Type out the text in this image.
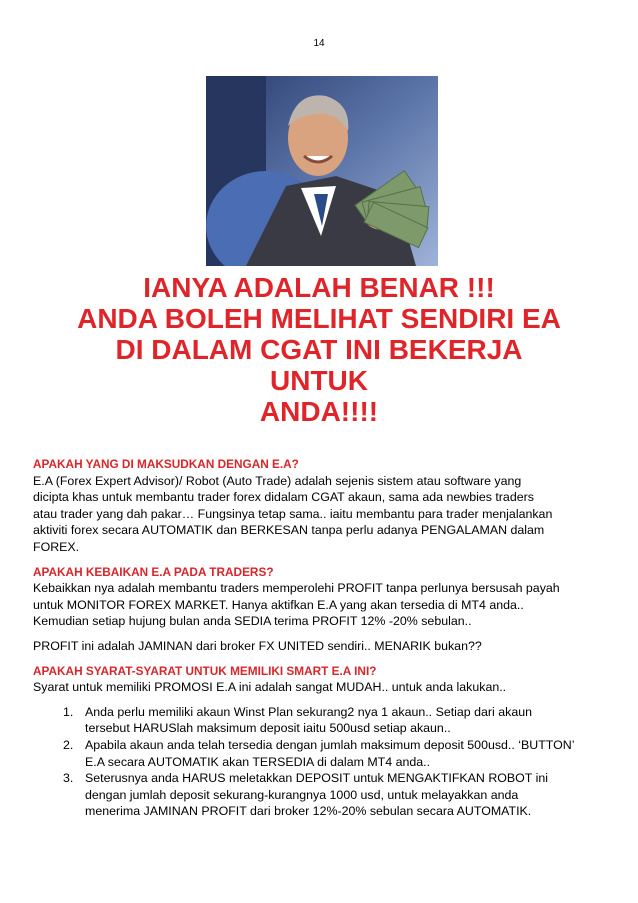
14
IANYA ADALAH BENAR !!!
ANDA BOLEH MELIHAT SENDIRI EA
DI DALAM CGAT INI BEKERJA
UNTUK
ANDA!!!!

APAKAH YANG DI MAKSUDKAN DENGAN E.A?

E.A (Forex Expert Advisor)/ Robot (Auto Trade) adalah sejenis sistem atau software yang

dicipta khas untuk membantu trader forex didalam CGAT akaun, sama ada newbies traders

atau trader yang dah pakar… Fungsinya tetap sama.. iaitu membantu para trader menjalankan

aktiviti forex secara AUTOMATIK dan BERKESAN tanpa perlu adanya PENGALAMAN dalam

FOREX.

APAKAH KEBAIKAN E.A PADA TRADERS?

Kebaikkan nya adalah membantu traders memperolehi PROFIT tanpa perlunya bersusah payah

untuk MONITOR FOREX MARKET. Hanya aktifkan E.A yang akan tersedia di MT4 anda..

Kemudian setiap hujung bulan anda SEDIA terima PROFIT 12% -20% sebulan..

PROFIT ini adalah JAMINAN dari broker FX UNITED sendiri.. MENARIK bukan??

APAKAH SYARAT-SYARAT UNTUK MEMILIKI SMART E.A INI?

Syarat untuk memiliki PROMOSI E.A ini adalah sangat MUDAH.. untuk anda lakukan..

1. Anda perlu memiliki akaun Winst Plan sekurang2 nya 1 akaun.. Setiap dari akaun
tersebut HARUSlah maksimum deposit iaitu 500usd setiap akaun..
2. Apabila akaun anda telah tersedia dengan jumlah maksimum deposit 500usd.. ‘BUTTON’
E.A secara AUTOMATIK akan TERSEDIA di dalam MT4 anda..
3. Seterusnya anda HARUS meletakkan DEPOSIT untuk MENGAKTIFKAN ROBOT ini
dengan jumlah deposit sekurang-kurangnya 1000 usd, untuk melayakkan anda
menerima JAMINAN PROFIT dari broker 12%-20% sebulan secara AUTOMATIK.
